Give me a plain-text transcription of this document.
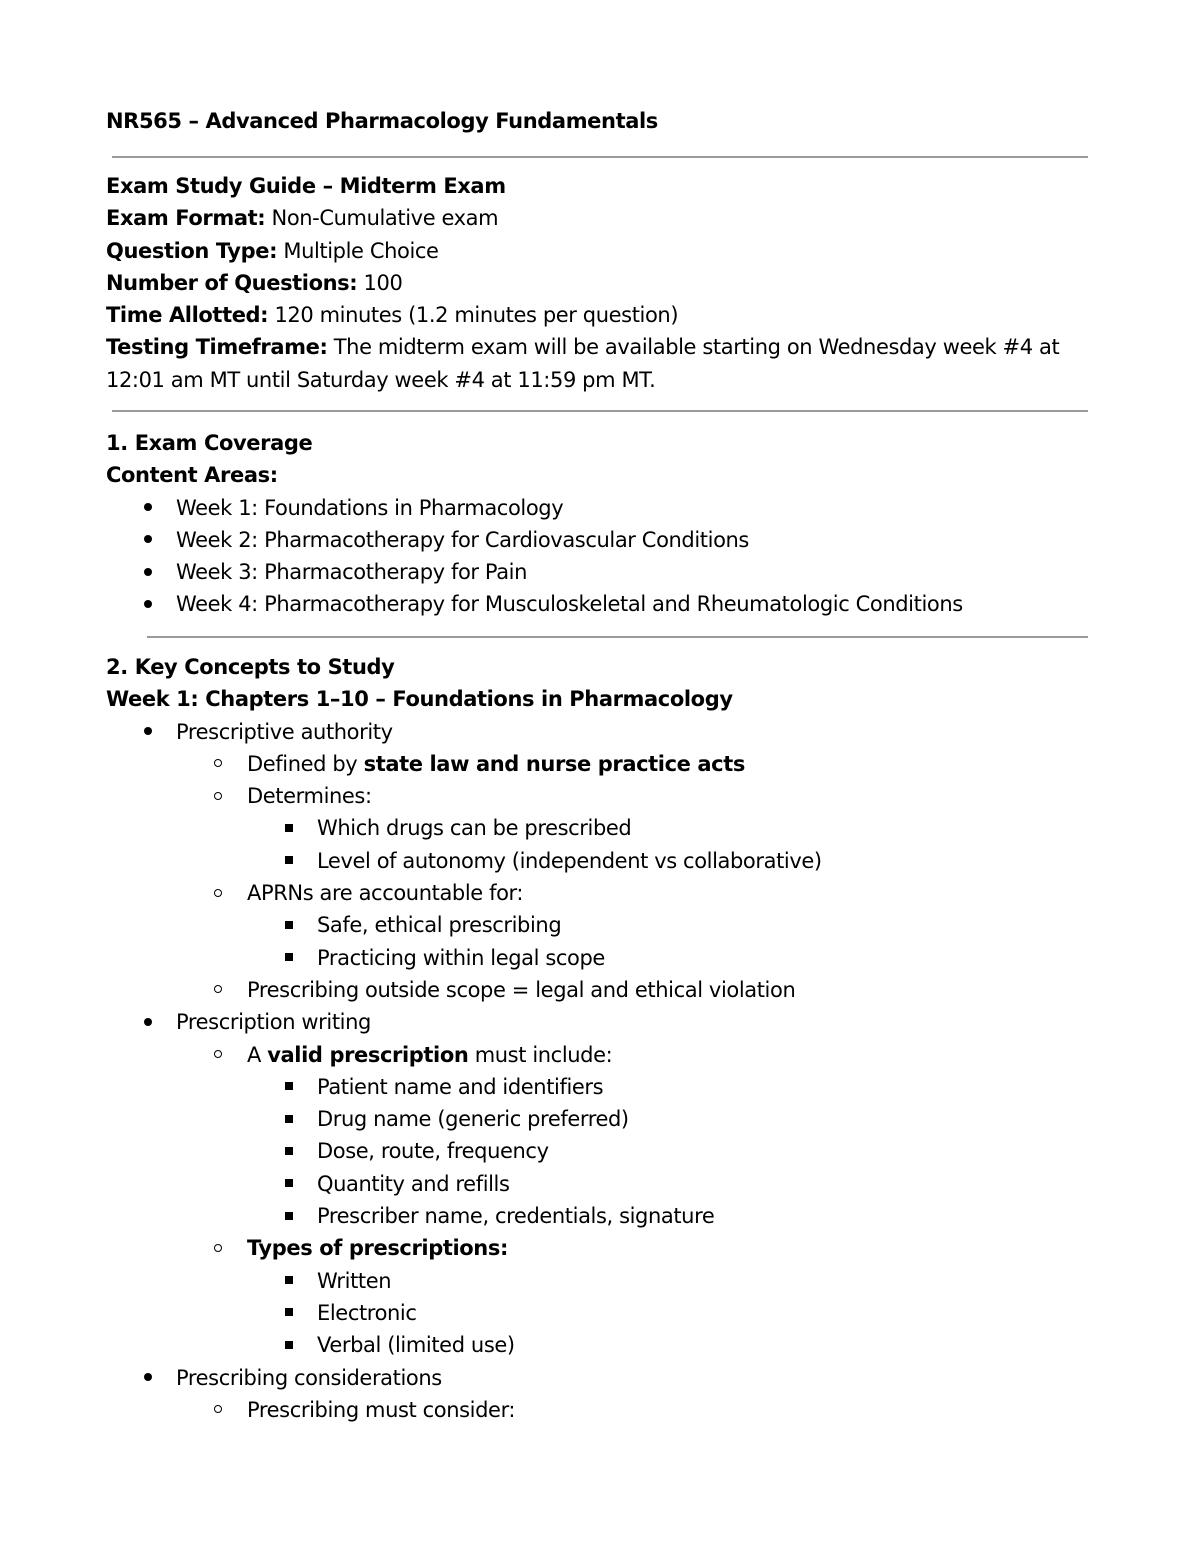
NR565 – Advanced Pharmacology Fundamentals
Exam Study Guide – Midterm Exam
Exam Format: Non-Cumulative exam
Question Type: Multiple Choice
Number of Questions: 100
Time Allotted: 120 minutes (1.2 minutes per question)
Testing Timeframe: The midterm exam will be available starting on Wednesday week #4 at 12:01 am MT until Saturday week #4 at 11:59 pm MT.
1. Exam Coverage
Content Areas:
Week 1: Foundations in Pharmacology
Week 2: Pharmacotherapy for Cardiovascular Conditions
Week 3: Pharmacotherapy for Pain
Week 4: Pharmacotherapy for Musculoskeletal and Rheumatologic Conditions
2. Key Concepts to Study
Week 1: Chapters 1–10 – Foundations in Pharmacology
Prescriptive authority
Defined by state law and nurse practice acts
Determines:
Which drugs can be prescribed
Level of autonomy (independent vs collaborative)
APRNs are accountable for:
Safe, ethical prescribing
Practicing within legal scope
Prescribing outside scope = legal and ethical violation
Prescription writing
A valid prescription must include:
Patient name and identifiers
Drug name (generic preferred)
Dose, route, frequency
Quantity and refills
Prescriber name, credentials, signature
Types of prescriptions:
Written
Electronic
Verbal (limited use)
Prescribing considerations
Prescribing must consider:
